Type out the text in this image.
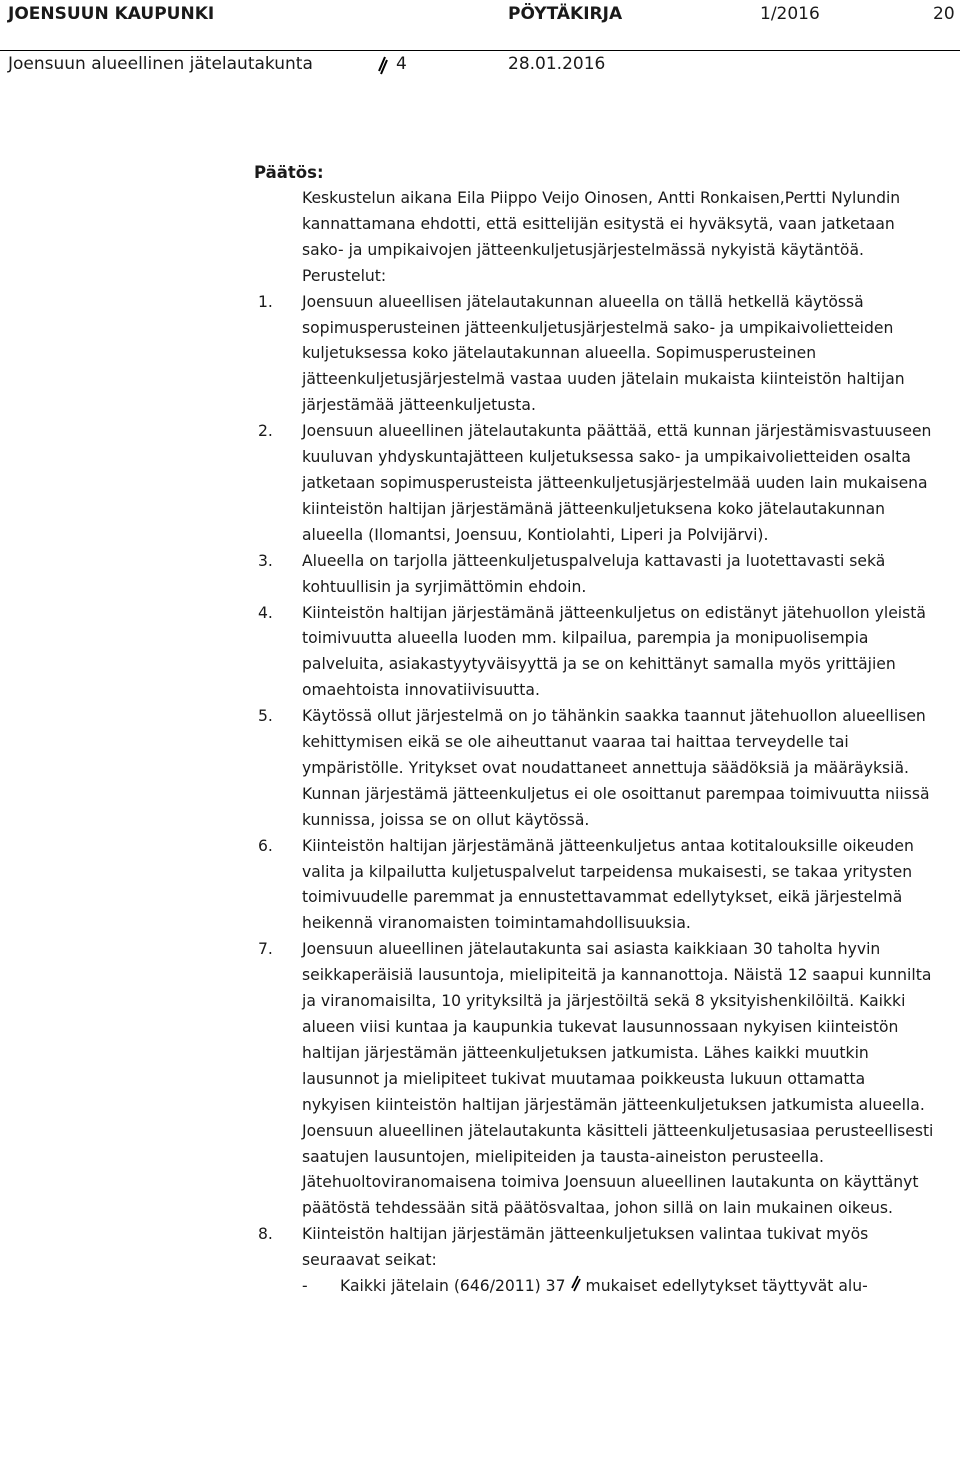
JOENSUUN KAUPUNKI	PÖYTÄKIRJA	1/2016	20
Joensuun alueellinen jätelautakunta	4	28.01.2016
Päätös:
Keskustelun aikana Eila Piippo Veijo Oinosen, Antti Ronkaisen,Pertti Nylundin kannattamana ehdotti, että esittelijän esitystä ei hyväksytä, vaan jatketaan sako- ja umpikaivojen jätteenkuljetusjärjestelmässä nykyistä käytäntöä.
Perustelut:
1. Joensuun alueellisen jätelautakunnan alueella on tällä hetkellä käytössä sopimusperusteinen jätteenkuljetusjärjestelmä sako- ja umpikaivolietteiden kuljetuksessa koko jätelautakunnan alueella. Sopimusperusteinen jätteenkuljetusjärjestelmä vastaa uuden jätelain mukaista kiinteistön haltijan järjestämää jätteenkuljetusta.
2. Joensuun alueellinen jätelautakunta päättää, että kunnan järjestämisvastuuseen kuuluvan yhdyskuntajätteen kuljetuksessa sako- ja umpikaivolietteiden osalta jatketaan sopimusperusteista jätteenkuljetusjärjestelmää uuden lain mukaisena kiinteistön haltijan järjestämänä jätteenkuljetuksena koko jätelautakunnan alueella (Ilomantsi, Joensuu, Kontiolahti, Liperi ja Polvijärvi).
3. Alueella on tarjolla jätteenkuljetuspalveluja kattavasti ja luotettavasti sekä kohtuullisin ja syrjimättömin ehdoin.
4. Kiinteistön haltijan järjestämänä jätteenkuljetus on edistänyt jätehuollon yleistä toimivuutta alueella luoden mm. kilpailua, parempia ja monipuolisempia palveluita, asiakastyytyväisyyttä ja se on kehittänyt samalla myös yrittäjien omaehtoista innovatiivisuutta.
5. Käytössä ollut järjestelmä on jo tähänkin saakka taannut jätehuollon alueellisen kehittymisen eikä se ole aiheuttanut vaaraa tai haittaa terveydelle tai ympäristölle. Yritykset ovat noudattaneet annettuja säädöksiä ja määräyksiä. Kunnan järjestämä jätteenkuljetus ei ole osoittanut parempaa toimivuutta niissä kunnissa, joissa se on ollut käytössä.
6. Kiinteistön haltijan järjestämänä jätteenkuljetus antaa kotitalouksille oikeuden valita ja kilpailutta kuljetuspalvelut tarpeidensa mukaisesti, se takaa yritysten toimivuudelle paremmat ja ennustettavammat edellytykset, eikä järjestelmä heikennä viranomaisten toimintamahdollisuuksia.
7. Joensuun alueellinen jätelautakunta sai asiasta kaikkiaan 30 taholta hyvin seikkaperäisiä lausuntoja, mielipiteitä ja kannanottoja. Näistä 12 saapui kunnilta ja viranomaisilta, 10 yrityksiltä ja järjestöiltä sekä 8 yksityishenkilöiltä. Kaikki alueen viisi kuntaa ja kaupunkia tukevat lausunnossaan nykyisen kiinteistön haltijan järjestämän jätteenkuljetuksen jatkumista. Lähes kaikki muutkin lausunnot ja mielipiteet tukivat muutamaa poikkeusta lukuun ottamatta nykyisen kiinteistön haltijan järjestämän jätteenkuljetuksen jatkumista alueella. Joensuun alueellinen jätelautakunta käsitteli jätteenkuljetusasiaa perusteellisesti saatujen lausuntojen, mielipiteiden ja tausta-aineiston perusteella. Jätehuoltoviranomaisena toimiva Joensuun alueellinen lautakunta on käyttänyt päätöstä tehdessään sitä päätösvaltaa, johon sillä on lain mukainen oikeus.
8. Kiinteistön haltijan järjestämän jätteenkuljetuksen valintaa tukivat myös seuraavat seikat:
- Kaikki jätelain (646/2011) 37 mukaiset edellytykset täyttyvät alu-
